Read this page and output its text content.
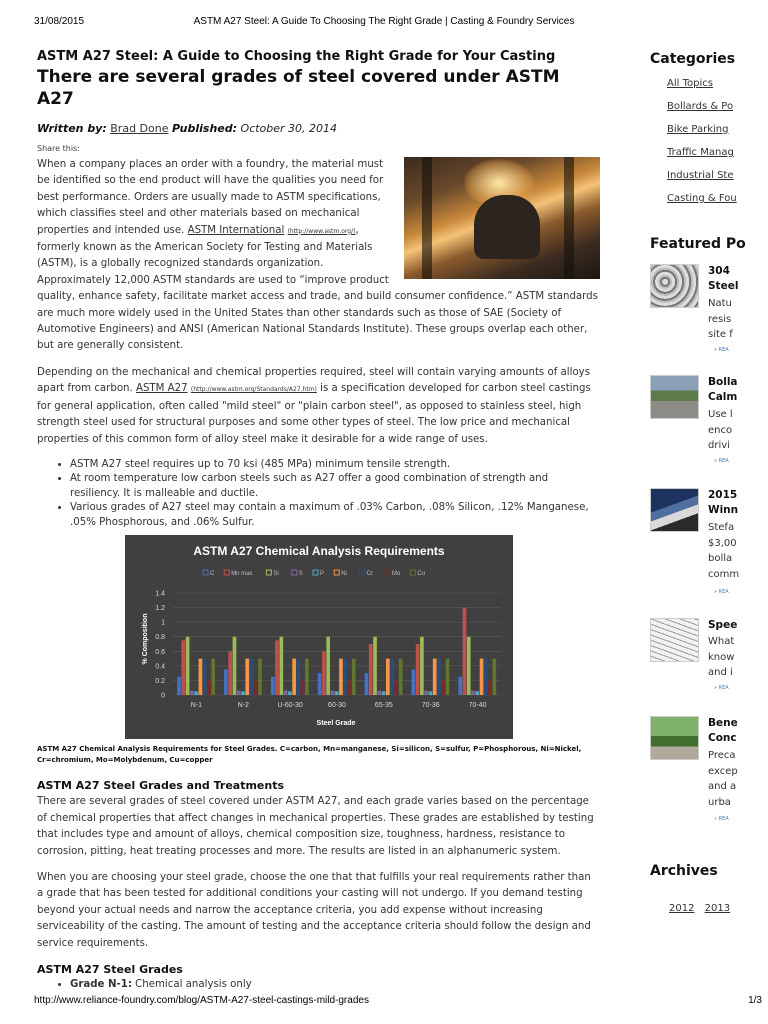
31/08/2015	ASTM A27 Steel: A Guide To Choosing The Right Grade | Casting & Foundry Services
ASTM A27 Steel: A Guide to Choosing the Right Grade for Your Casting
There are several grades of steel covered under ASTM A27
Written by: Brad Done Published: October 30, 2014
Share this:

When a company places an order with a foundry, the material must be identified so the end product will have the qualities you need for best performance. Orders are usually made to ASTM specifications, which classifies steel and other materials based on mechanical properties and intended use. ASTM International (http://www.astm.org/), formerly known as the American Society for Testing and Materials (ASTM), is a globally recognized standards organization. Approximately 12,000 ASTM standards are used to “improve product quality, enhance safety, facilitate market access and trade, and build consumer confidence.” ASTM standards are much more widely used in the United States than other standards such as those of SAE (Society of Automotive Engineers) and ANSI (American National Standards Institute). These groups overlap each other, but are generally consistent.

Depending on the mechanical and chemical properties required, steel will contain varying amounts of alloys apart from carbon. ASTM A27 (http://www.astm.org/Standards/A27.htm) is a specification developed for carbon steel castings for general application, often called "mild steel" or "plain carbon steel", as opposed to stainless steel, high strength steel used for structural purposes and some other types of steel. The low price and mechanical properties of this common form of alloy steel make it desirable for a wide range of uses.

• ASTM A27 steel requires up to 70 ksi (485 MPa) minimum tensile strength.
• At room temperature low carbon steels such as A27 offer a good combination of strength and resiliency. It is malleable and ductile.
• Various grades of A27 steel may contain a maximum of .03% Carbon, .08% Silicon, .12% Manganese, .05% Phosphorous, and .06% Sulfur.
ASTM A27 Chemical Analysis Requirements
C	Mn max	Si	S	P	Ni	Cr	Mo	Cu
0
0.2
0.4
0.6
0.8
1
1.2
1.4
N-1	N-2	U-60-30	60-30	65-35	70-36	70-40
% Composition
Steel Grade
ASTM A27 Chemical Analysis Requirements for Steel Grades. C=carbon, Mn=manganese, Si=silicon, S=sulfur, P=Phosphorous, Ni=Nickel, Cr=chromium, Mo=Molybdenum, Cu=copper
ASTM A27 Steel Grades and Treatments

There are several grades of steel covered under ASTM A27, and each grade varies based on the percentage of chemical properties that affect changes in mechanical properties. These grades are established by testing that includes type and amount of alloys, chemical composition size, toughness, hardness, resistance to corrosion, pitting, heat treating processes and more. The results are listed in an alphanumeric system.

When you are choosing your steel grade, choose the one that that fulfills your real requirements rather than a grade that has been tested for additional conditions your casting will not undergo. If you demand testing beyond your actual needs and narrow the acceptance criteria, you add expense without increasing serviceability of the casting. The amount of testing and the acceptance criteria should follow the design and service requirements.

ASTM A27 Steel Grades
• Grade N-1: Chemical analysis only
Categories
All Topics
Bollards & Po
Bike Parking
Traffic Manag
Industrial Ste
Casting & Fou
Featured Po
304
Steel
Natu
resis
site f
» REA
Bolla
Calm
Use l
enco
drivi
» REA
2015
Winn
Stefa
$3,00
bolla
comm
» REA
Spee
What
know
and i
» REA
Bene
Conc
Preca
excep
and a
urba
» REA
Archives
2012 2013
http://www.reliance-foundry.com/blog/ASTM-A27-steel-castings-mild-grades	1/3
